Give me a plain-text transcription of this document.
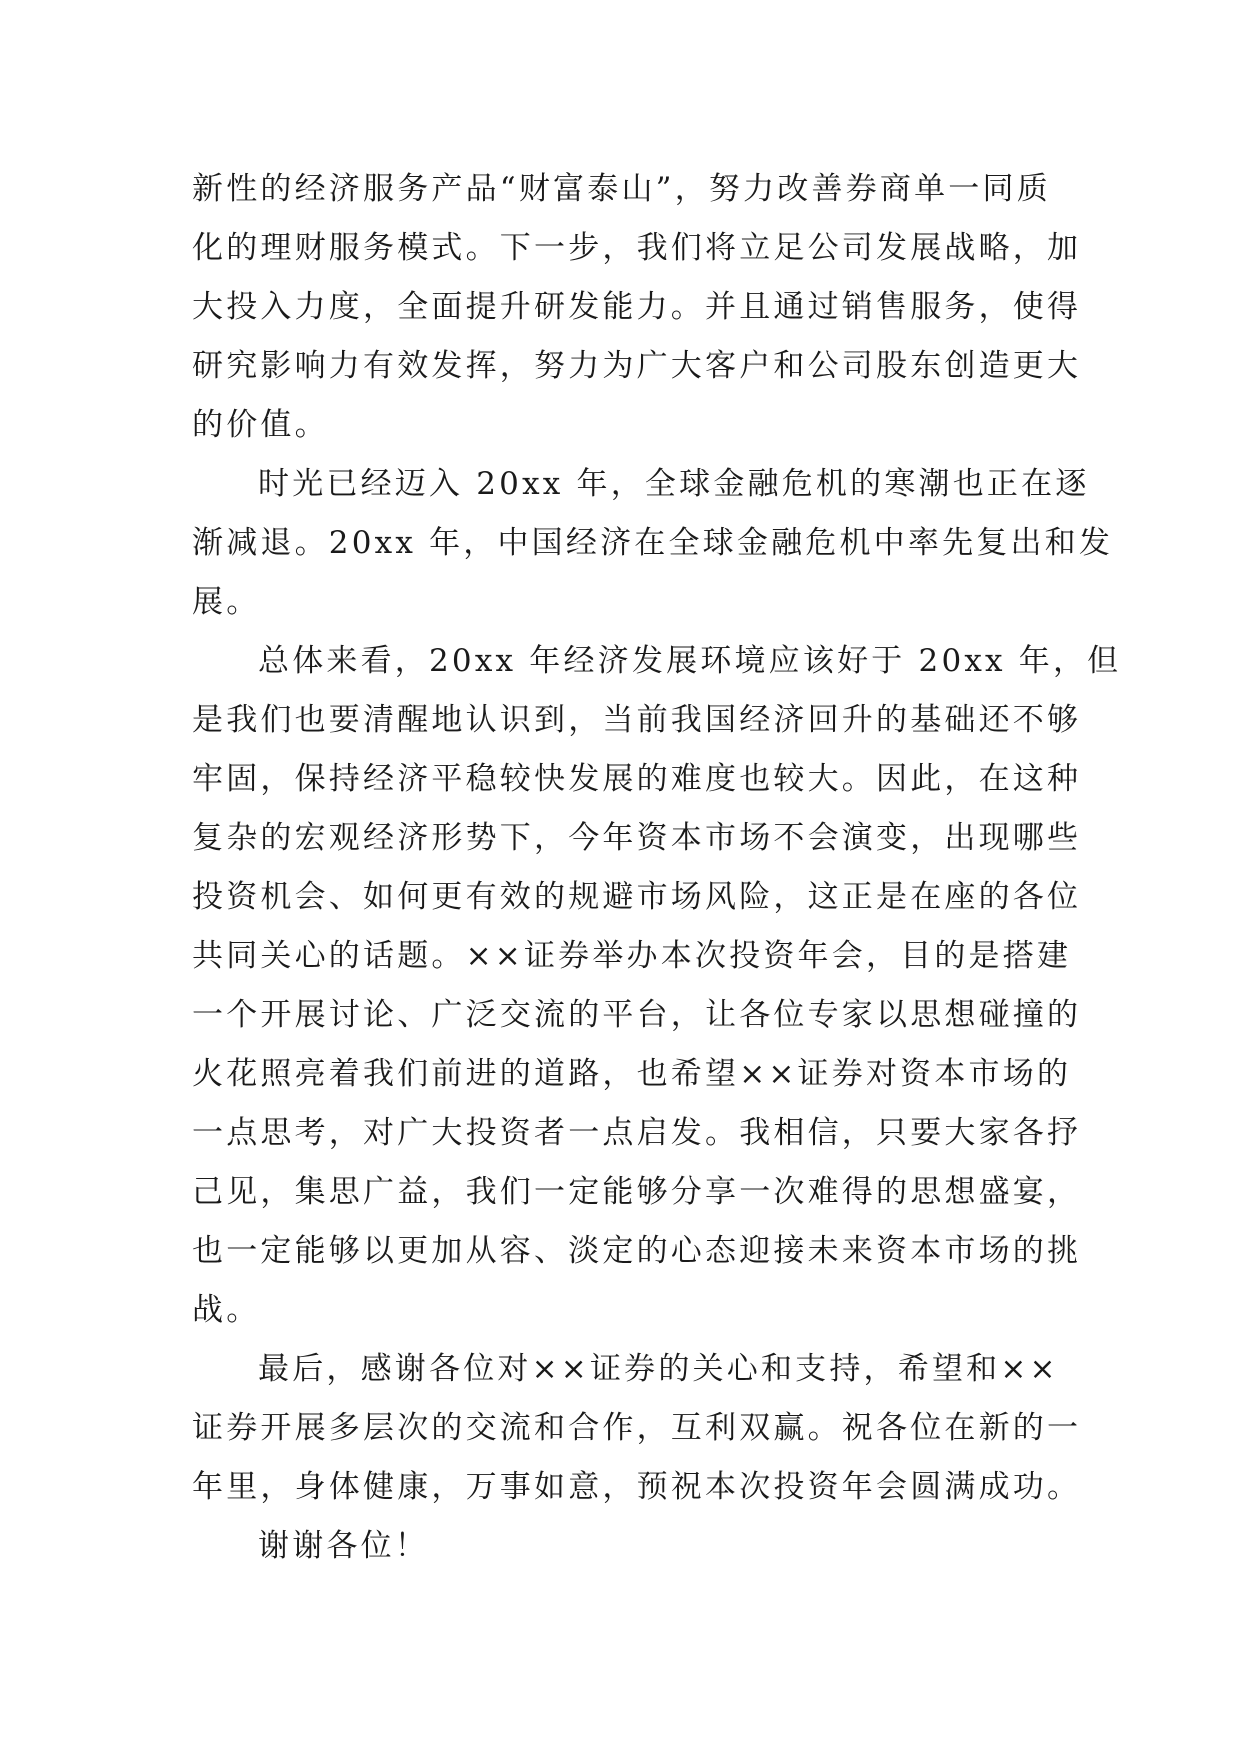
新性的经济服务产品“财富泰山”，努力改善券商单一同质
化的理财服务模式。下一步，我们将立足公司发展战略，加
大投入力度，全面提升研发能力。并且通过销售服务，使得
研究影响力有效发挥，努力为广大客户和公司股东创造更大
的价值。
时光已经迈入 20xx 年，全球金融危机的寒潮也正在逐
渐减退。20xx 年，中国经济在全球金融危机中率先复出和发
展。
总体来看，20xx 年经济发展环境应该好于 20xx 年，但
是我们也要清醒地认识到，当前我国经济回升的基础还不够
牢固，保持经济平稳较快发展的难度也较大。因此，在这种
复杂的宏观经济形势下，今年资本市场不会演变，出现哪些
投资机会、如何更有效的规避市场风险，这正是在座的各位
共同关心的话题。××证券举办本次投资年会，目的是搭建
一个开展讨论、广泛交流的平台，让各位专家以思想碰撞的
火花照亮着我们前进的道路，也希望××证券对资本市场的
一点思考，对广大投资者一点启发。我相信，只要大家各抒
己见，集思广益，我们一定能够分享一次难得的思想盛宴，
也一定能够以更加从容、淡定的心态迎接未来资本市场的挑
战。
最后，感谢各位对××证券的关心和支持，希望和××
证券开展多层次的交流和合作，互利双赢。祝各位在新的一
年里，身体健康，万事如意，预祝本次投资年会圆满成功。
谢谢各位！
